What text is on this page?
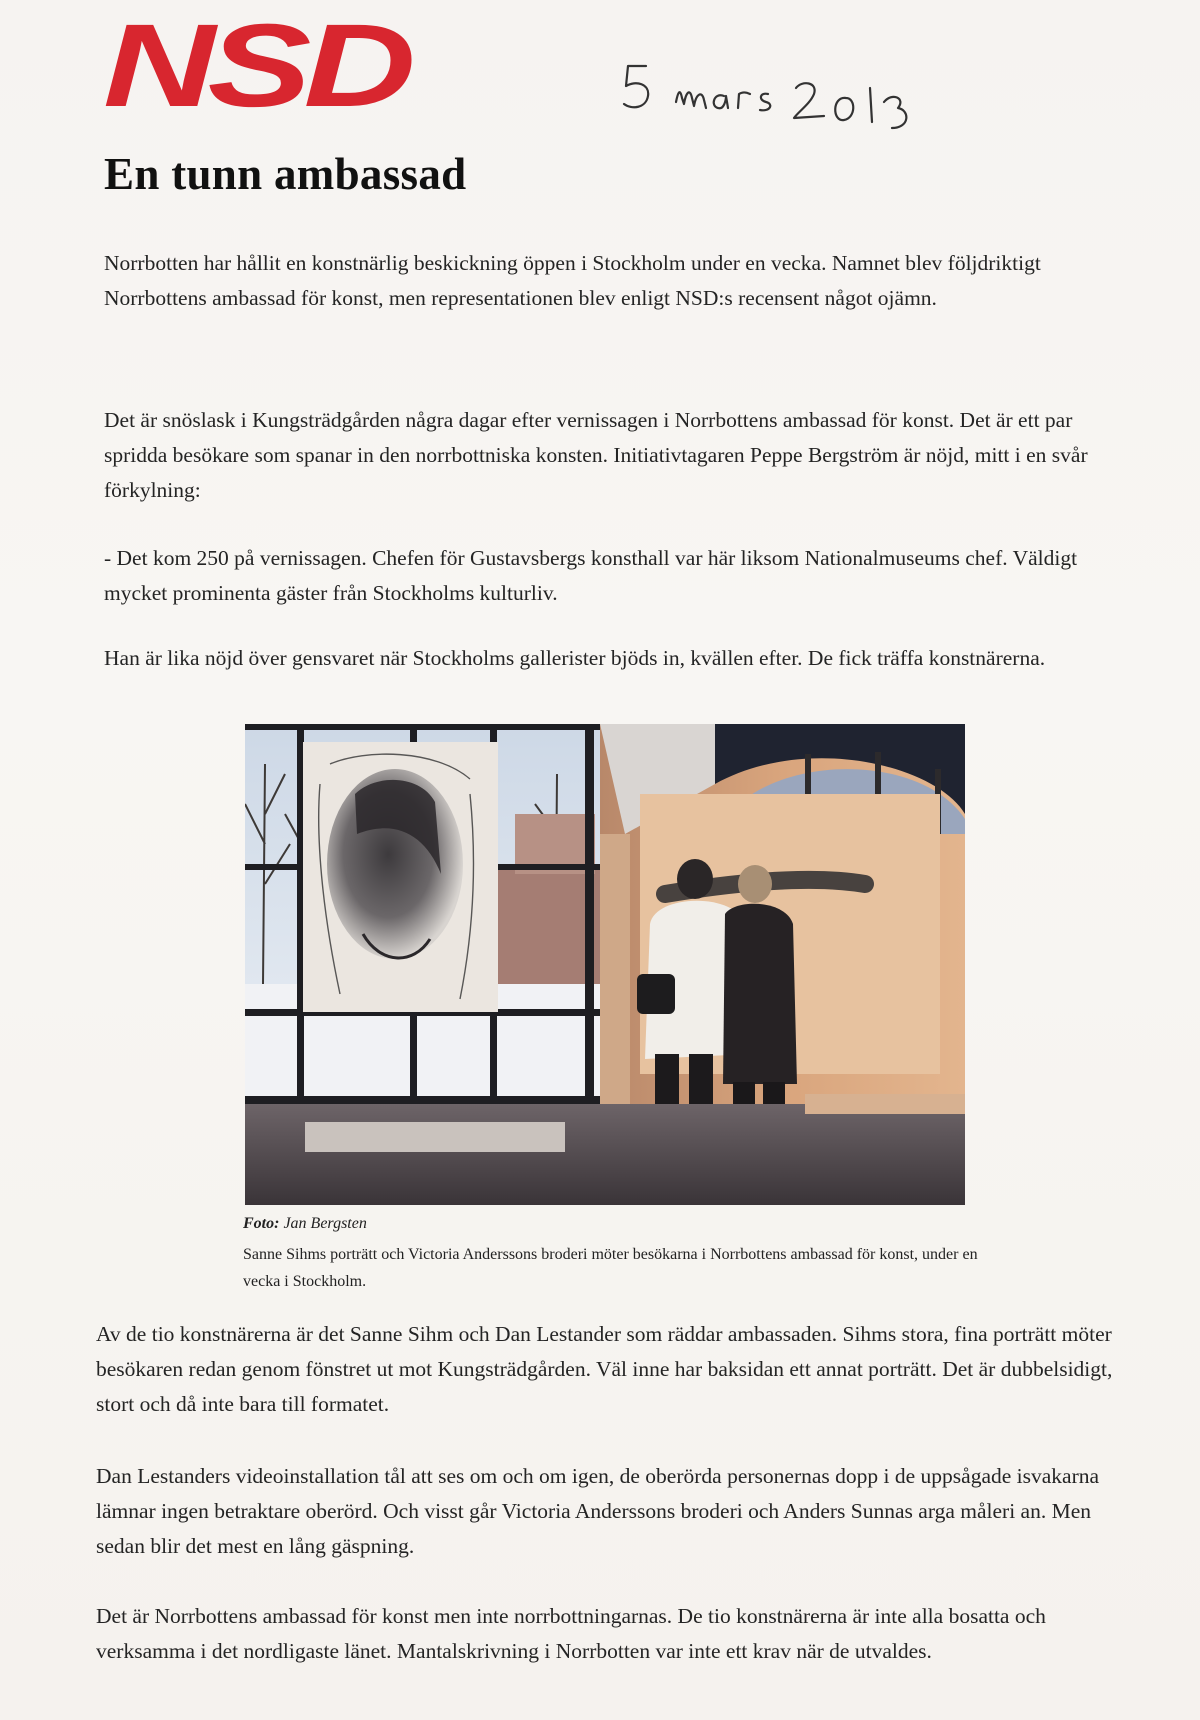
NSD
En tunn ambassad

Norrbotten har hållit en konstnärlig beskickning öppen i Stockholm under en vecka. Namnet blev följdriktigt Norrbottens ambassad för konst, men representationen blev enligt NSD:s recensent något ojämn.

Det är snöslask i Kungsträdgården några dagar efter vernissagen i Norrbottens ambassad för konst. Det är ett par spridda besökare som spanar in den norrbottniska konsten. Initiativtagaren Peppe Bergström är nöjd, mitt i en svår förkylning:

- Det kom 250 på vernissagen. Chefen för Gustavsbergs konsthall var här liksom Nationalmuseums chef. Väldigt mycket prominenta gäster från Stockholms kulturliv.

Han är lika nöjd över gensvaret när Stockholms gallerister bjöds in, kvällen efter. De fick träffa konstnärerna.

Foto: Jan Bergsten
Sanne Sihms porträtt och Victoria Anderssons broderi möter besökarna i Norrbottens ambassad för konst, under en vecka i Stockholm.

Av de tio konstnärerna är det Sanne Sihm och Dan Lestander som räddar ambassaden. Sihms stora, fina porträtt möter besökaren redan genom fönstret ut mot Kungsträdgården. Väl inne har baksidan ett annat porträtt. Det är dubbelsidigt, stort och då inte bara till formatet.

Dan Lestanders videoinstallation tål att ses om och om igen, de oberörda personernas dopp i de uppsågade isvakarna lämnar ingen betraktare oberörd. Och visst går Victoria Anderssons broderi och Anders Sunnas arga måleri an. Men sedan blir det mest en lång gäspning.

Det är Norrbottens ambassad för konst men inte norrbottningarnas. De tio konstnärerna är inte alla bosatta och verksamma i det nordligaste länet. Mantalskrivning i Norrbotten var inte ett krav när de utvaldes.
